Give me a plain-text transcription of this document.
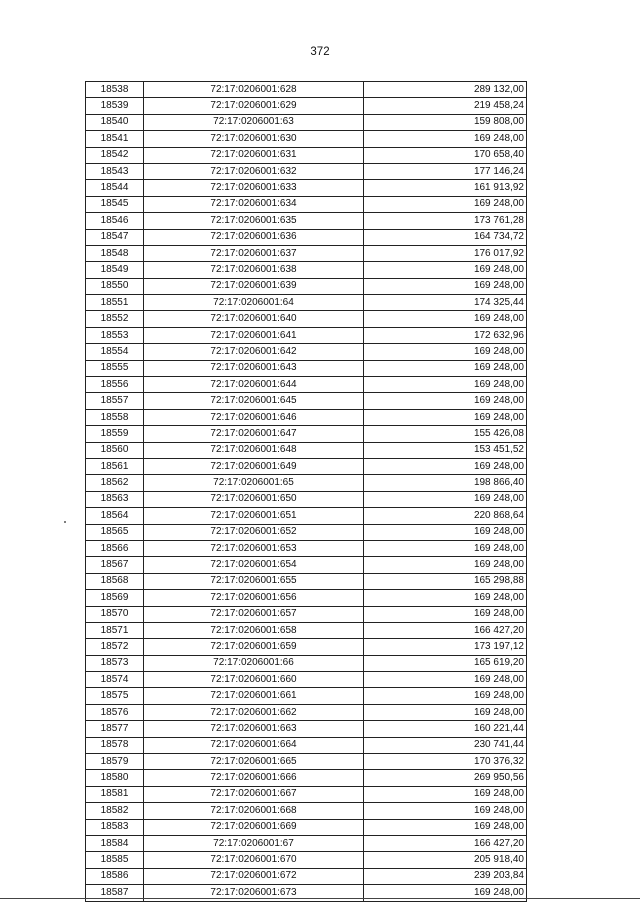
372
18538	72:17:0206001:628	289 132,00
18539	72:17:0206001:629	219 458,24
18540	72:17:0206001:63	159 808,00
18541	72:17:0206001:630	169 248,00
18542	72:17:0206001:631	170 658,40
18543	72:17:0206001:632	177 146,24
18544	72:17:0206001:633	161 913,92
18545	72:17:0206001:634	169 248,00
18546	72:17:0206001:635	173 761,28
18547	72:17:0206001:636	164 734,72
18548	72:17:0206001:637	176 017,92
18549	72:17:0206001:638	169 248,00
18550	72:17:0206001:639	169 248,00
18551	72:17:0206001:64	174 325,44
18552	72:17:0206001:640	169 248,00
18553	72:17:0206001:641	172 632,96
18554	72:17:0206001:642	169 248,00
18555	72:17:0206001:643	169 248,00
18556	72:17:0206001:644	169 248,00
18557	72:17:0206001:645	169 248,00
18558	72:17:0206001:646	169 248,00
18559	72:17:0206001:647	155 426,08
18560	72:17:0206001:648	153 451,52
18561	72:17:0206001:649	169 248,00
18562	72:17:0206001:65	198 866,40
18563	72:17:0206001:650	169 248,00
18564	72:17:0206001:651	220 868,64
18565	72:17:0206001:652	169 248,00
18566	72:17:0206001:653	169 248,00
18567	72:17:0206001:654	169 248,00
18568	72:17:0206001:655	165 298,88
18569	72:17:0206001:656	169 248,00
18570	72:17:0206001:657	169 248,00
18571	72:17:0206001:658	166 427,20
18572	72:17:0206001:659	173 197,12
18573	72:17:0206001:66	165 619,20
18574	72:17:0206001:660	169 248,00
18575	72:17:0206001:661	169 248,00
18576	72:17:0206001:662	169 248,00
18577	72:17:0206001:663	160 221,44
18578	72:17:0206001:664	230 741,44
18579	72:17:0206001:665	170 376,32
18580	72:17:0206001:666	269 950,56
18581	72:17:0206001:667	169 248,00
18582	72:17:0206001:668	169 248,00
18583	72:17:0206001:669	169 248,00
18584	72:17:0206001:67	166 427,20
18585	72:17:0206001:670	205 918,40
18586	72:17:0206001:672	239 203,84
18587	72:17:0206001:673	169 248,00
